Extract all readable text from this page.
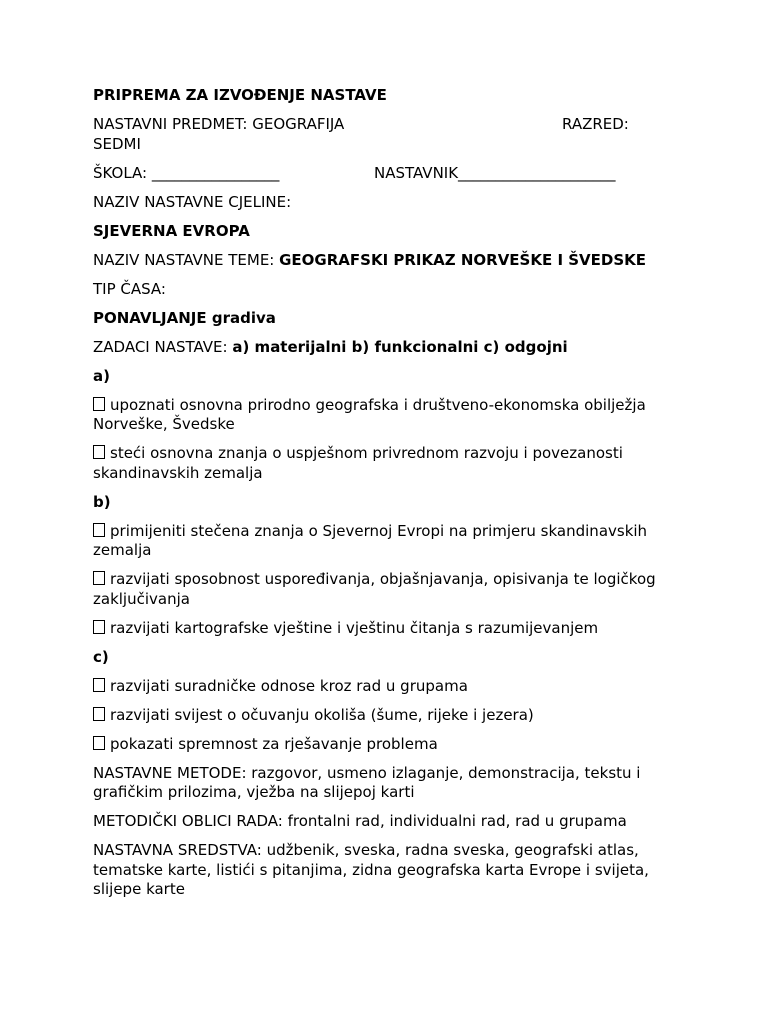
PRIPREMA ZA IZVOĐENJE NASTAVE

NASTAVNI PREDMET: GEOGRAFIJA	RAZRED:
SEDMI
ŠKOLA: _________________	NASTAVNIK_____________________

NAZIV NASTAVNE CJELINE:

SJEVERNA EVROPA

NAZIV NASTAVNE TEME: GEOGRAFSKI PRIKAZ NORVEŠKE I ŠVEDSKE

TIP ČASA:

PONAVLJANJE gradiva

ZADACI NASTAVE: a) materijalni b) funkcionalni c) odgojni

a)

upoznati osnovna prirodno geografska i društveno-ekonomska obilježja Norveške, Švedske

steći osnovna znanja o uspješnom privrednom razvoju i povezanosti skandinavskih zemalja

b)

primijeniti stečena znanja o Sjevernoj Evropi na primjeru skandinavskih zemalja

razvijati sposobnost uspoređivanja, objašnjavanja, opisivanja te logičkog zaključivanja

razvijati kartografske vještine i vještinu čitanja s razumijevanjem

c)

razvijati suradničke odnose kroz rad u grupama

razvijati svijest o očuvanju okoliša (šume, rijeke i jezera)

pokazati spremnost za rješavanje problema

NASTAVNE METODE: razgovor, usmeno izlaganje, demonstracija, tekstu i grafičkim prilozima, vježba na slijepoj karti

METODIČKI OBLICI RADA: frontalni rad, individualni rad, rad u grupama

NASTAVNA SREDSTVA: udžbenik, sveska, radna sveska, geografski atlas, tematske karte, listići s pitanjima, zidna geografska karta Evrope i svijeta, slijepe karte
